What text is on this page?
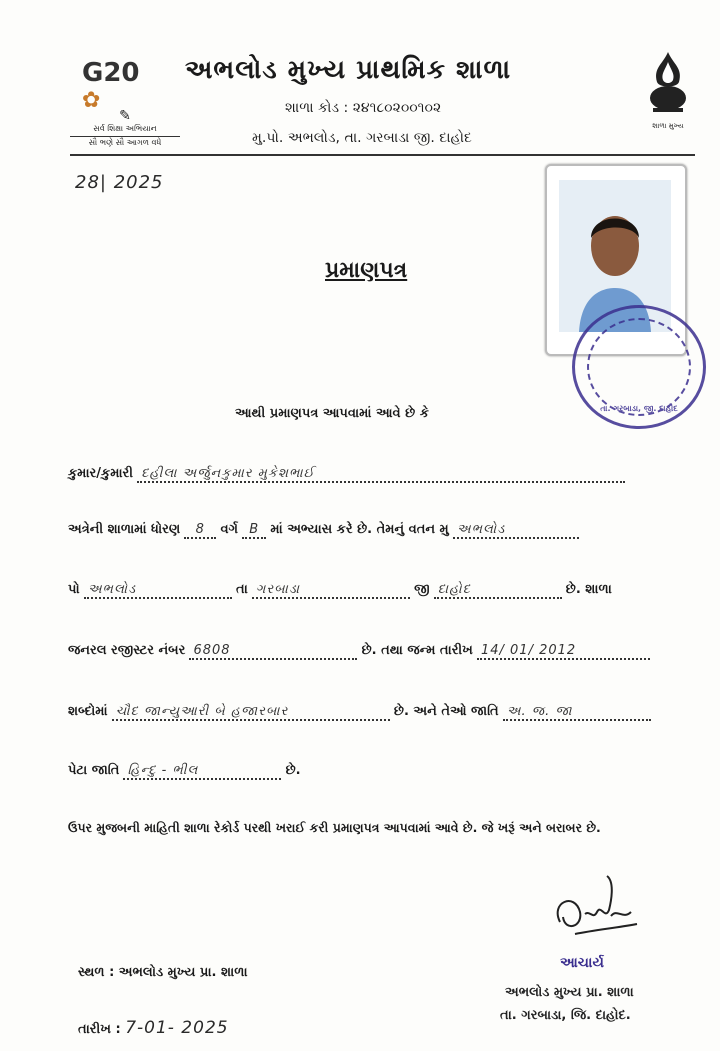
G20 ✿
✎
સર્વ શિક્ષા અભિયાન
સૌ ભણે સૌ આગળ વધે
અભલોડ મુખ્ય પ્રાથમિક શાળા
શાળા કોડ : ૨૪૧૮૦૨૦૦૧૦૨
મુ.પો. અભલોડ, તા. ગરબાડા જી. દાહોદ
શાળા મુખ્ય
28| 2025
તા. ગરબાડા, જી. દાહોદ
પ્રમાણપત્ર
આથી પ્રમાણપત્ર આપવામાં આવે છે કે
કુમાર/કુમારી દહીલા અર્જુનકુમાર મુકેશભાઈ
અત્રેની શાળામાં ધોરણ 8 વર્ગ B માં અભ્યાસ કરે છે. તેમનું વતન મુ અભલોડ
પો અભલોડ	તા ગરબાડા	જી દાહોદ	છે. શાળા
જનરલ રજીસ્ટર નંબર 6808	છે. તથા જન્મ તારીખ 14/ 01/ 2012
શબ્દોમાં ચૌદ જાન્યુઆરી બે હજારબાર	છે. અને તેઓ જાતિ અ. જ. જા
પેટા જાતિ હિન્દુ - ભીલ	છે.
ઉપર મુજબની માહિતી શાળા રેકોર્ડ પરથી ખરાઈ કરી પ્રમાણપત્ર આપવામાં આવે છે. જે ખરૂં અને બરાબર છે.
સ્થળ : અભલોડ મુખ્ય પ્રા. શાળા
તારીખ : 7-01- 2025
આચાર્ય
અભલોડ મુખ્ય પ્રા. શાળા
તા. ગરબાડા, જિ. દાહોદ.
